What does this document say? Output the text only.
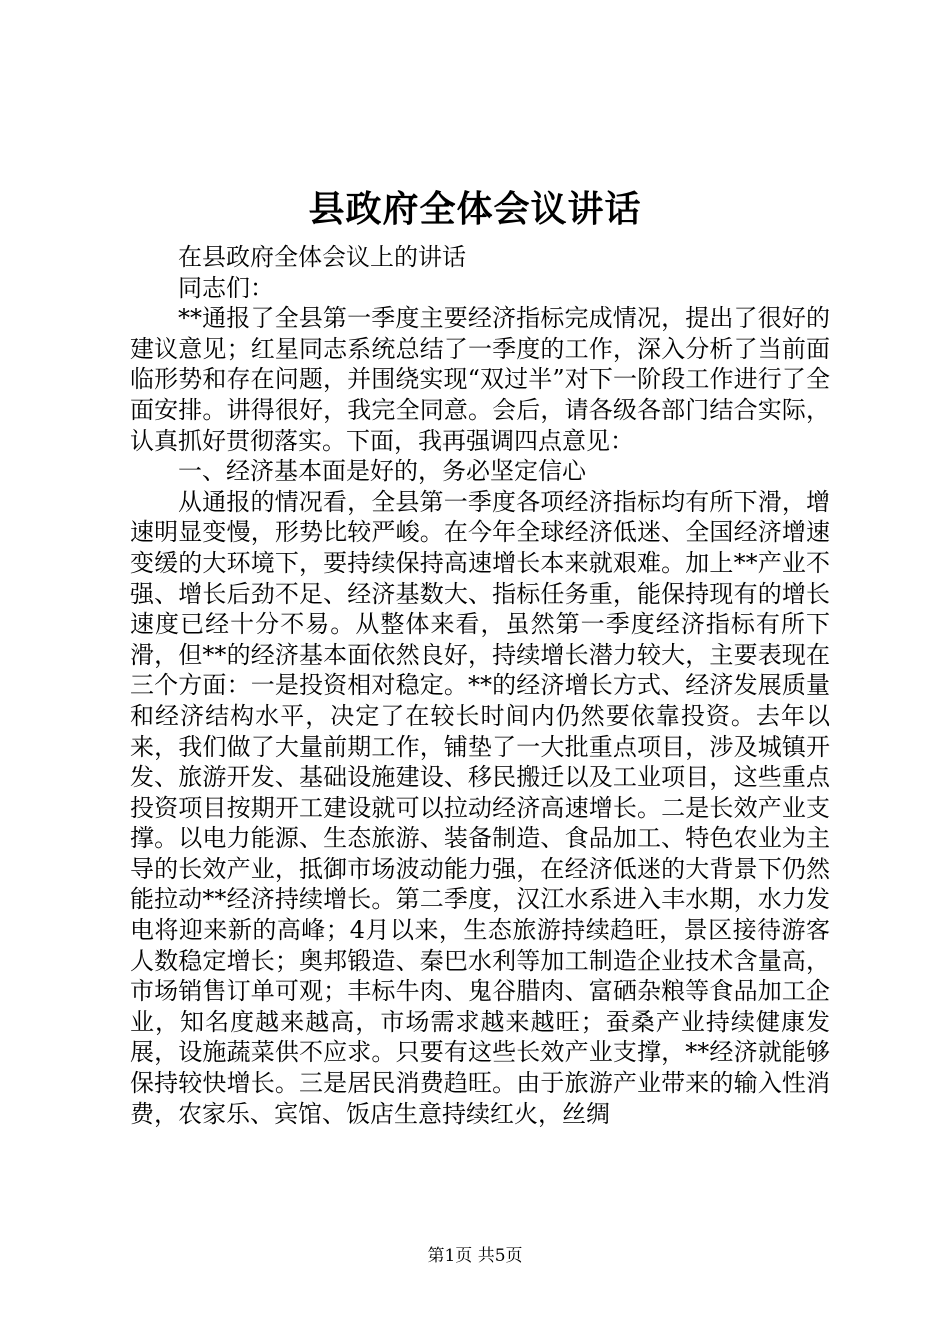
县政府全体会议讲话

在县政府全体会议上的讲话

同志们：

**通报了全县第一季度主要经济指标完成情况，提出了很好的建议意见；红星同志系统总结了一季度的工作，深入分析了当前面临形势和存在问题，并围绕实现“双过半”对下一阶段工作进行了全面安排。讲得很好，我完全同意。会后，请各级各部门结合实际，认真抓好贯彻落实。下面，我再强调四点意见：

一、经济基本面是好的，务必坚定信心

从通报的情况看，全县第一季度各项经济指标均有所下滑，增速明显变慢，形势比较严峻。在今年全球经济低迷、全国经济增速变缓的大环境下，要持续保持高速增长本来就艰难。加上**产业不强、增长后劲不足、经济基数大、指标任务重，能保持现有的增长速度已经十分不易。从整体来看，虽然第一季度经济指标有所下滑，但**的经济基本面依然良好，持续增长潜力较大，主要表现在三个方面：一是投资相对稳定。**的经济增长方式、经济发展质量和经济结构水平，决定了在较长时间内仍然要依靠投资。去年以来，我们做了大量前期工作，铺垫了一大批重点项目，涉及城镇开发、旅游开发、基础设施建设、移民搬迁以及工业项目，这些重点投资项目按期开工建设就可以拉动经济高速增长。二是长效产业支撑。以电力能源、生态旅游、装备制造、食品加工、特色农业为主导的长效产业，抵御市场波动能力强，在经济低迷的大背景下仍然能拉动**经济持续增长。第二季度，汉江水系进入丰水期，水力发电将迎来新的高峰；4月以来，生态旅游持续趋旺，景区接待游客人数稳定增长；奥邦锻造、秦巴水利等加工制造企业技术含量高，市场销售订单可观；丰标牛肉、鬼谷腊肉、富硒杂粮等食品加工企业，知名度越来越高，市场需求越来越旺；蚕桑产业持续健康发展，设施蔬菜供不应求。只要有这些长效产业支撑，**经济就能够保持较快增长。三是居民消费趋旺。由于旅游产业带来的输入性消费，农家乐、宾馆、饭店生意持续红火，丝绸

第1页 共5页
